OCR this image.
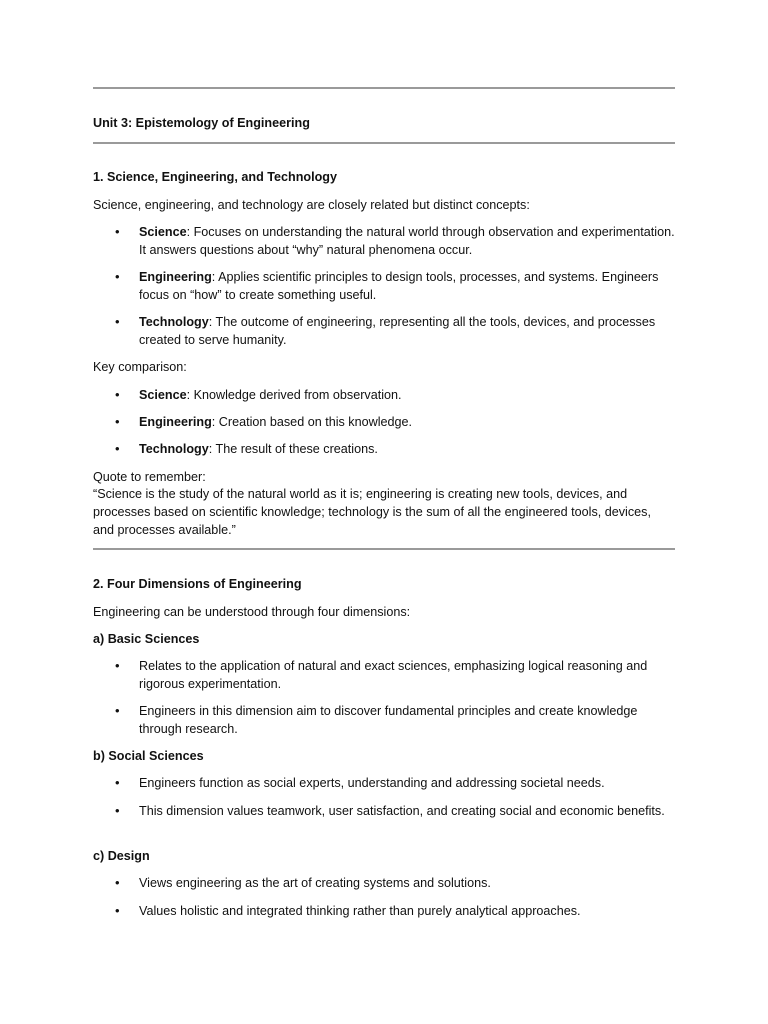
Unit 3: Epistemology of Engineering

1. Science, Engineering, and Technology

Science, engineering, and technology are closely related but distinct concepts:

•

Science: Focuses on understanding the natural world through observation and experimentation. It answers questions about “why” natural phenomena occur.

•

Engineering: Applies scientific principles to design tools, processes, and systems. Engineers focus on “how” to create something useful.

•

Technology: The outcome of engineering, representing all the tools, devices, and processes created to serve humanity.

Key comparison:

•

Science: Knowledge derived from observation.

•

Engineering: Creation based on this knowledge.

•

Technology: The result of these creations.

Quote to remember:

“Science is the study of the natural world as it is; engineering is creating new tools, devices, and processes based on scientific knowledge; technology is the sum of all the engineered tools, devices, and processes available.”

2. Four Dimensions of Engineering

Engineering can be understood through four dimensions:

a) Basic Sciences

•

Relates to the application of natural and exact sciences, emphasizing logical reasoning and rigorous experimentation.

•

Engineers in this dimension aim to discover fundamental principles and create knowledge through research.

b) Social Sciences

•

Engineers function as social experts, understanding and addressing societal needs.

•

This dimension values teamwork, user satisfaction, and creating social and economic benefits.

c) Design

•

Views engineering as the art of creating systems and solutions.

•

Values holistic and integrated thinking rather than purely analytical approaches.
